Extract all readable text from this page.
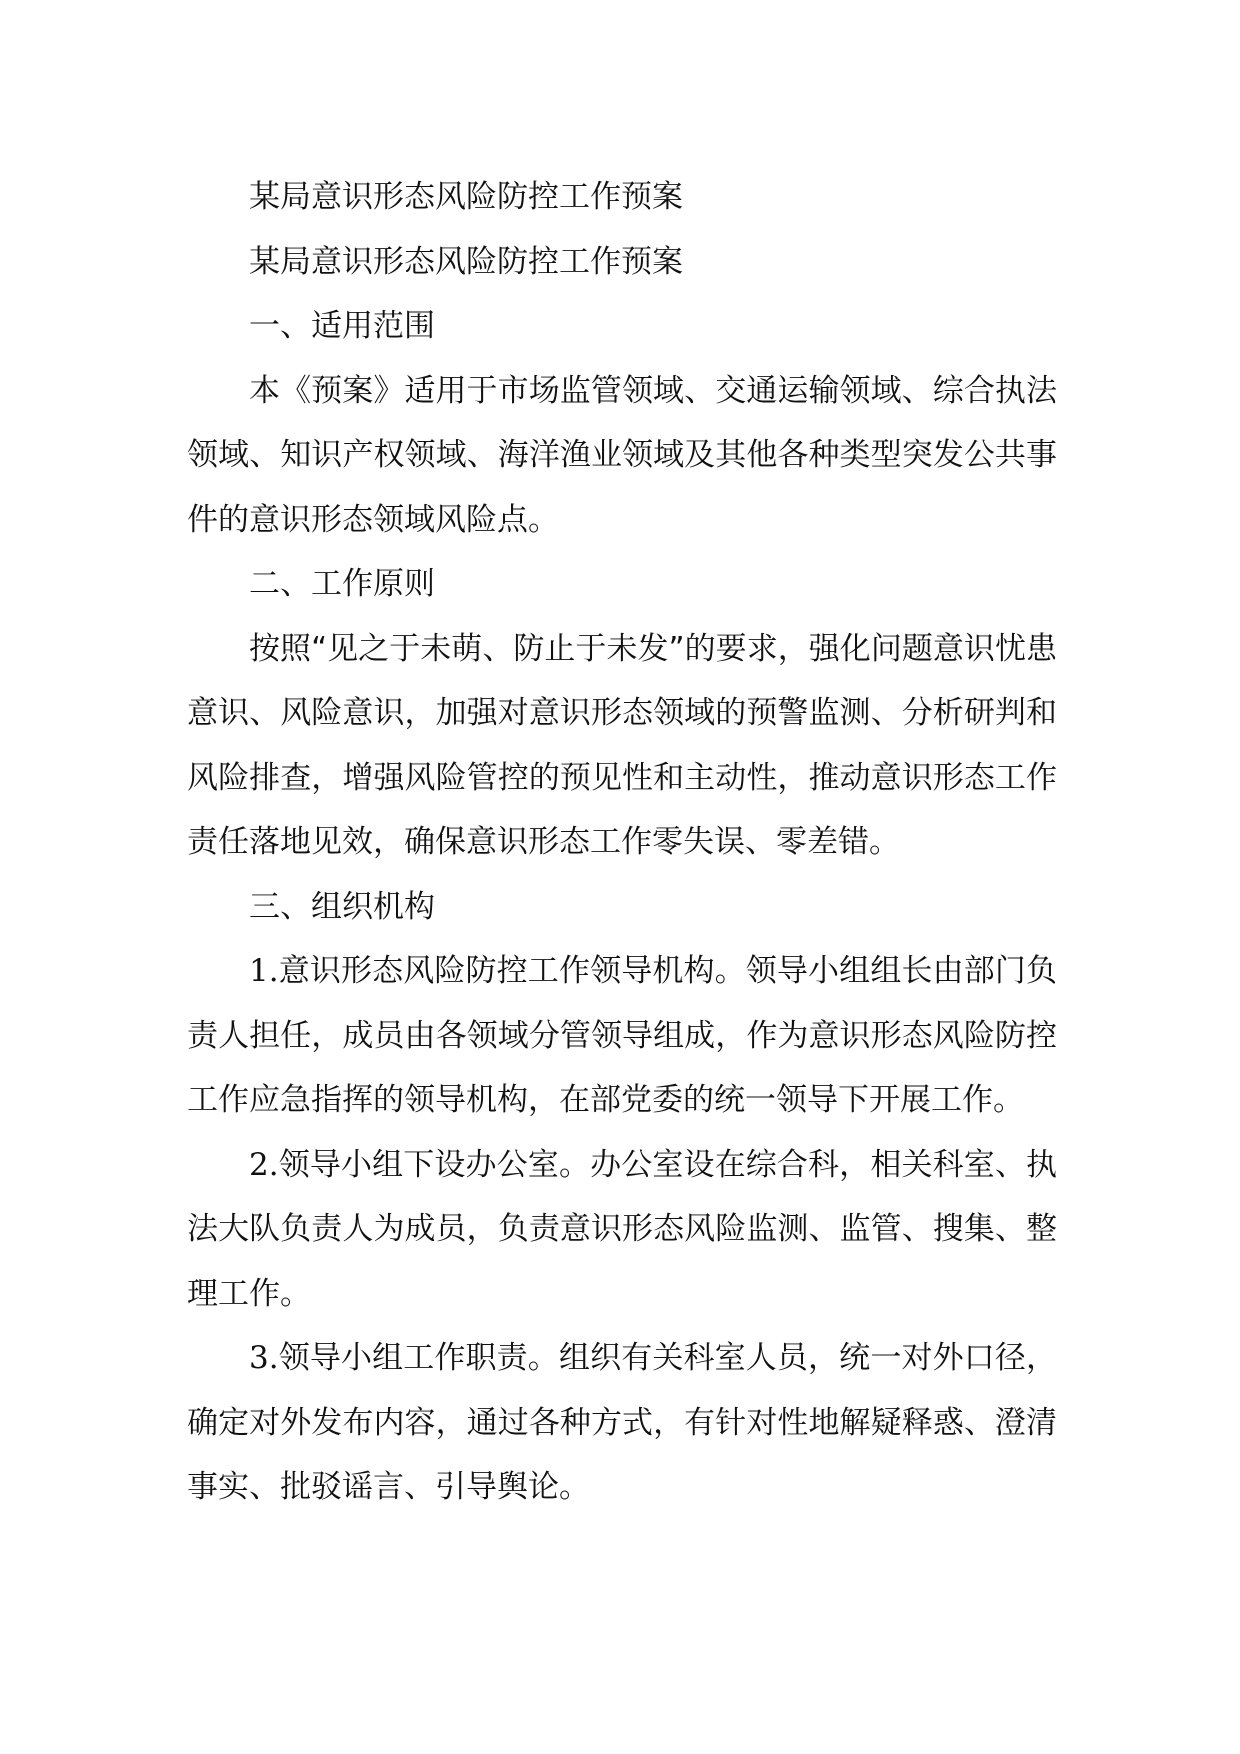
某局意识形态风险防控工作预案

某局意识形态风险防控工作预案

一、适用范围

本《预案》适用于市场监管领域、交通运输领域、综合执法领域、知识产权领域、海洋渔业领域及其他各种类型突发公共事件的意识形态领域风险点。

二、工作原则

按照“见之于未萌、防止于未发”的要求，强化问题意识忧患意识、风险意识，加强对意识形态领域的预警监测、分析研判和风险排查，增强风险管控的预见性和主动性，推动意识形态工作责任落地见效，确保意识形态工作零失误、零差错。

三、组织机构

1.意识形态风险防控工作领导机构。领导小组组长由部门负责人担任，成员由各领域分管领导组成，作为意识形态风险防控工作应急指挥的领导机构，在部党委的统一领导下开展工作。

2.领导小组下设办公室。办公室设在综合科，相关科室、执法大队负责人为成员，负责意识形态风险监测、监管、搜集、整理工作。

3.领导小组工作职责。组织有关科室人员，统一对外口径，确定对外发布内容，通过各种方式，有针对性地解疑释惑、澄清事实、批驳谣言、引导舆论。
